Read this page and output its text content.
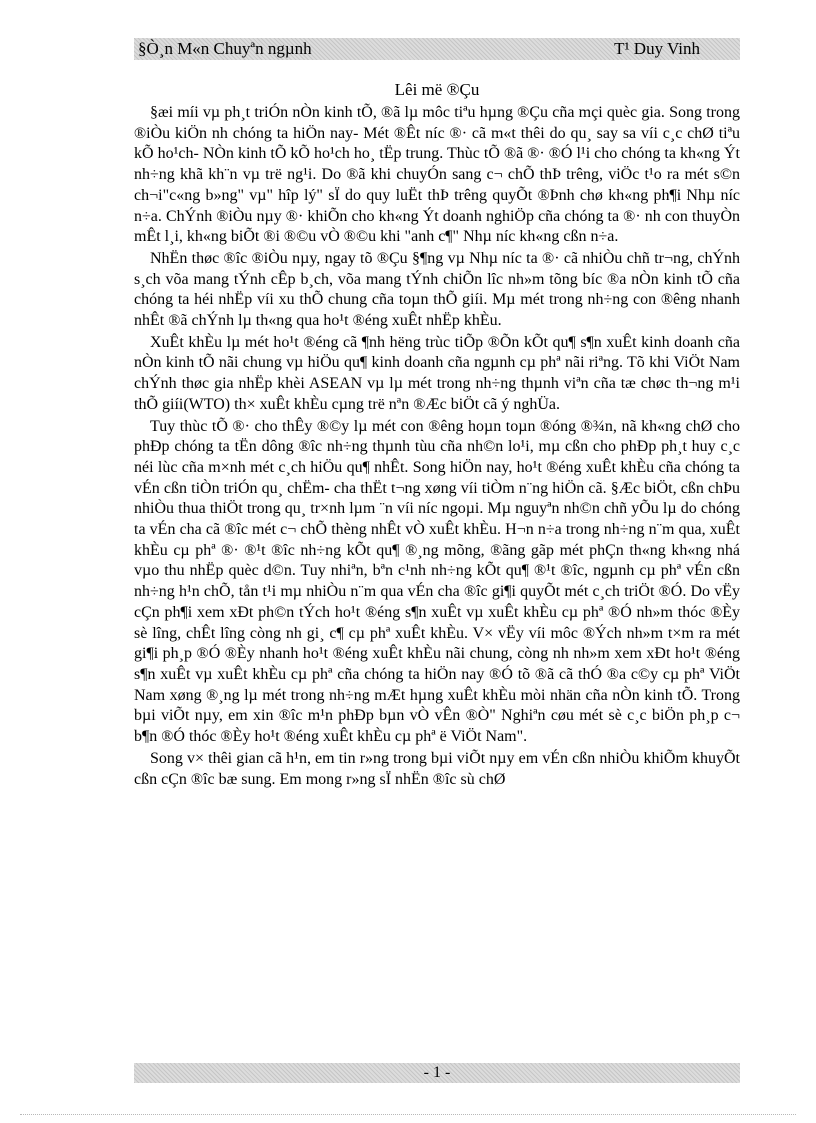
§Ò¸n M«n Chuyªn ngµnh	T¹ Duy Vinh
Lêi më ®Çu

§æi míi vµ ph¸t triÓn nÒn kinh tÕ, ®ã lµ môc tiªu hµng ®Çu cña mçi quèc gia. Song trong ®iÒu kiÖn nh chóng ta hiÖn nay- Mét ®Êt níc ®· cã m«t thêi do qu¸ say sa víi c¸c chØ tiªu kÕ ho¹ch- NÒn kinh tÕ kÕ ho¹ch ho¸ tËp trung. Thùc tÕ ®ã ®· ®Ó l¹i cho chóng ta kh«ng Ýt nh÷ng khã kh¨n vµ trë ng¹i. Do ®ã khi chuyÓn sang c¬ chÕ thÞ trêng, viÖc t¹o ra mét s©n ch¬i"c«ng b»ng" vµ" hîp lý" sÏ do quy luËt thÞ trêng quyÕt ®Þnh chø kh«ng ph¶i Nhµ níc n÷a. ChÝnh ®iÒu nµy ®· khiÕn cho kh«ng Ýt doanh nghiÖp cña chóng ta ®· nh con thuyÒn mÊt l¸i, kh«ng biÕt ®i ®©u vÒ ®©u khi "anh c¶" Nhµ níc kh«ng cßn n÷a.

NhËn thøc ®îc ®iÒu nµy, ngay tõ ®Çu §¶ng vµ Nhµ níc ta ®· cã nhiÒu chñ tr¬ng, chÝnh s¸ch võa mang tÝnh cÊp b¸ch, võa mang tÝnh chiÕn lîc nh»m tõng bíc ®a nÒn kinh tÕ cña chóng ta héi nhËp víi xu thÕ chung cña toµn thÕ giíi. Mµ mét trong nh÷ng con ®êng nhanh nhÊt ®ã chÝnh lµ th«ng qua ho¹t ®éng xuÊt nhËp khÈu.

XuÊt khÈu lµ mét ho¹t ®éng cã ¶nh hëng trùc tiÕp ®Õn kÕt qu¶ s¶n xuÊt kinh doanh cña nÒn kinh tÕ nãi chung vµ hiÖu qu¶ kinh doanh cña ngµnh cµ phª nãi riªng. Tõ khi ViÖt Nam chÝnh thøc gia nhËp khèi ASEAN vµ lµ mét trong nh÷ng thµnh viªn cña tæ chøc th¬ng m¹i thÕ giíi(WTO) th× xuÊt khÈu cµng trë nªn ®Æc biÖt cã ý nghÜa.

Tuy thùc tÕ ®· cho thÊy ®©y lµ mét con ®êng hoµn toµn ®óng ®¾n, nã kh«ng chØ cho phÐp chóng ta tËn dông ®îc nh÷ng thµnh tùu cña nh©n lo¹i, mµ cßn cho phÐp ph¸t huy c¸c néi lùc cña m×nh mét c¸ch hiÖu qu¶ nhÊt. Song hiÖn nay, ho¹t ®éng xuÊt khÈu cña chóng ta vÉn cßn tiÒn triÓn qu¸ chËm- cha thËt t¬ng xøng víi tiÒm n¨ng hiÖn cã. §Æc biÖt, cßn chÞu nhiÒu thua thiÖt trong qu¸ tr×nh lµm ¨n víi níc ngoµi. Mµ nguyªn nh©n chñ yÕu lµ do chóng ta vÉn cha cã ®îc mét c¬ chÕ thèng nhÊt vÒ xuÊt khÈu. H¬n n÷a trong nh÷ng n¨m qua, xuÊt khÈu cµ phª ®· ®¹t ®îc nh÷ng kÕt qu¶ ®¸ng mõng, ®ãng gãp mét phÇn th«ng kh«ng nhá vµo thu nhËp quèc d©n. Tuy nhiªn, bªn c¹nh nh÷ng kÕt qu¶ ®¹t ®îc, ngµnh cµ phª vÉn cßn nh÷ng h¹n chÕ, tån t¹i mµ nhiÒu n¨m qua vÉn cha ®îc gi¶i quyÕt mét c¸ch triÖt ®Ó. Do vËy cÇn ph¶i xem xÐt ph©n tÝch ho¹t ®éng s¶n xuÊt vµ xuÊt khÈu cµ phª ®Ó nh»m thóc ®Èy sè lîng, chÊt lîng còng nh gi¸ c¶ cµ phª xuÊt khÈu. V× vËy víi môc ®Ých nh»m t×m ra mét gi¶i ph¸p ®Ó ®Èy nhanh ho¹t ®éng xuÊt khÈu nãi chung, còng nh nh»m xem xÐt ho¹t ®éng s¶n xuÊt vµ xuÊt khÈu cµ phª cña chóng ta hiÖn nay ®Ó tõ ®ã cã thÓ ®a c©y cµ phª ViÖt Nam xøng ®¸ng lµ mét trong nh÷ng mÆt hµng xuÊt khÈu mòi nhän cña nÒn kinh tÕ. Trong bµi viÕt nµy, em xin ®îc m¹n phÐp bµn vÒ vÊn ®Ò" Nghiªn cøu mét sè c¸c biÖn ph¸p c¬ b¶n ®Ó thóc ®Èy ho¹t ®éng xuÊt khÈu cµ phª ë ViÖt Nam".

Song v× thêi gian cã h¹n, em tin r»ng trong bµi viÕt nµy em vÉn cßn nhiÒu khiÕm khuyÕt cßn cÇn ®îc bæ sung. Em mong r»ng sÏ nhËn ®îc sù chØ

- 1 -
